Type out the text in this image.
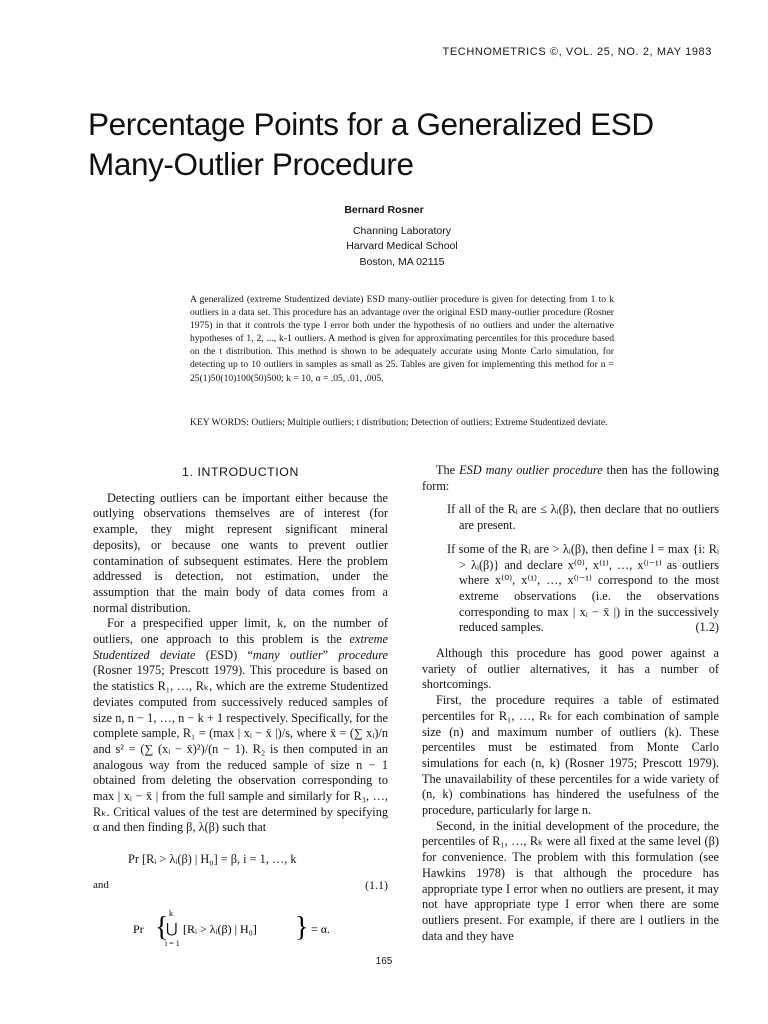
TECHNOMETRICS ©, VOL. 25, NO. 2, MAY 1983
Percentage Points for a Generalized ESD Many-Outlier Procedure
Bernard Rosner
Channing Laboratory
Harvard Medical School
Boston, MA 02115

A generalized (extreme Studentized deviate) ESD many-outlier procedure is given for detecting from 1 to k outliers in a data set. This procedure has an advantage over the original ESD many-outlier procedure (Rosner 1975) in that it controls the type I error both under the hypothesis of no outliers and under the alternative hypotheses of 1, 2, ..., k-1 outliers. A method is given for approximating percentiles for this procedure based on the t distribution. This method is shown to be adequately accurate using Monte Carlo simulation, for detecting up to 10 outliers in samples as small as 25. Tables are given for implementing this method for n = 25(1)50(10)100(50)500; k = 10, α = .05, .01, .005.

KEY WORDS: Outliers; Multiple outliers; t distribution; Detection of outliers; Extreme Studentized deviate.
1. INTRODUCTION

Detecting outliers can be important either because the outlying observations themselves are of interest (for example, they might represent significant mineral deposits), or because one wants to prevent outlier contamination of subsequent estimates. Here the problem addressed is detection, not estimation, under the assumption that the main body of data comes from a normal distribution.

For a prespecified upper limit, k, on the number of outliers, one approach to this problem is the extreme Studentized deviate (ESD) “many outlier” procedure (Rosner 1975; Prescott 1979). This procedure is based on the statistics R₁, …, Rₖ, which are the extreme Studentized deviates computed from successively reduced samples of size n, n − 1, …, n − k + 1 respectively. Specifically, for the complete sample, R₁ = (max | xᵢ − x̄ |)/s, where x̄ = (∑ xᵢ)/n and s² = (∑ (xᵢ − x̄)²)/(n − 1). R₂ is then computed in an analogous way from the reduced sample of size n − 1 obtained from deleting the observation corresponding to max | xᵢ − x̄ | from the full sample and similarly for R₃, …, Rₖ. Critical values of the test are determined by specifying α and then finding β, λ(β) such that

Pr [Rᵢ > λᵢ(β) | H₀] = β, i = 1, …, k
and	(1.1)
Pr { k
⋃
i = 1
[Rᵢ > λᵢ(β) | H₀] } = α.

The ESD many outlier procedure then has the following form:

If all of the Rᵢ are ≤ λᵢ(β), then declare that no outliers are present.

If some of the Rᵢ are > λᵢ(β), then define l = max {i: Rᵢ > λᵢ(β)} and declare x⁽⁰⁾, x⁽¹⁾, …, x⁽ˡ⁻¹⁾ as outliers where x⁽⁰⁾, x⁽¹⁾, …, x⁽ˡ⁻¹⁾ correspond to the most extreme observations (i.e. the observations corresponding to max | xᵢ − x̄ |) in the successively reduced samples.	(1.2)

Although this procedure has good power against a variety of outlier alternatives, it has a number of shortcomings.

First, the procedure requires a table of estimated percentiles for R₁, …, Rₖ for each combination of sample size (n) and maximum number of outliers (k). These percentiles must be estimated from Monte Carlo simulations for each (n, k) (Rosner 1975; Prescott 1979). The unavailability of these percentiles for a wide variety of (n, k) combinations has hindered the usefulness of the procedure, particularly for large n.

Second, in the initial development of the procedure, the percentiles of R₁, …, Rₖ were all fixed at the same level (β) for convenience. The problem with this formulation (see Hawkins 1978) is that although the procedure has appropriate type I error when no outliers are present, it may not have appropriate type I error when there are some outliers present. For example, if there are l outliers in the data and they have

165
